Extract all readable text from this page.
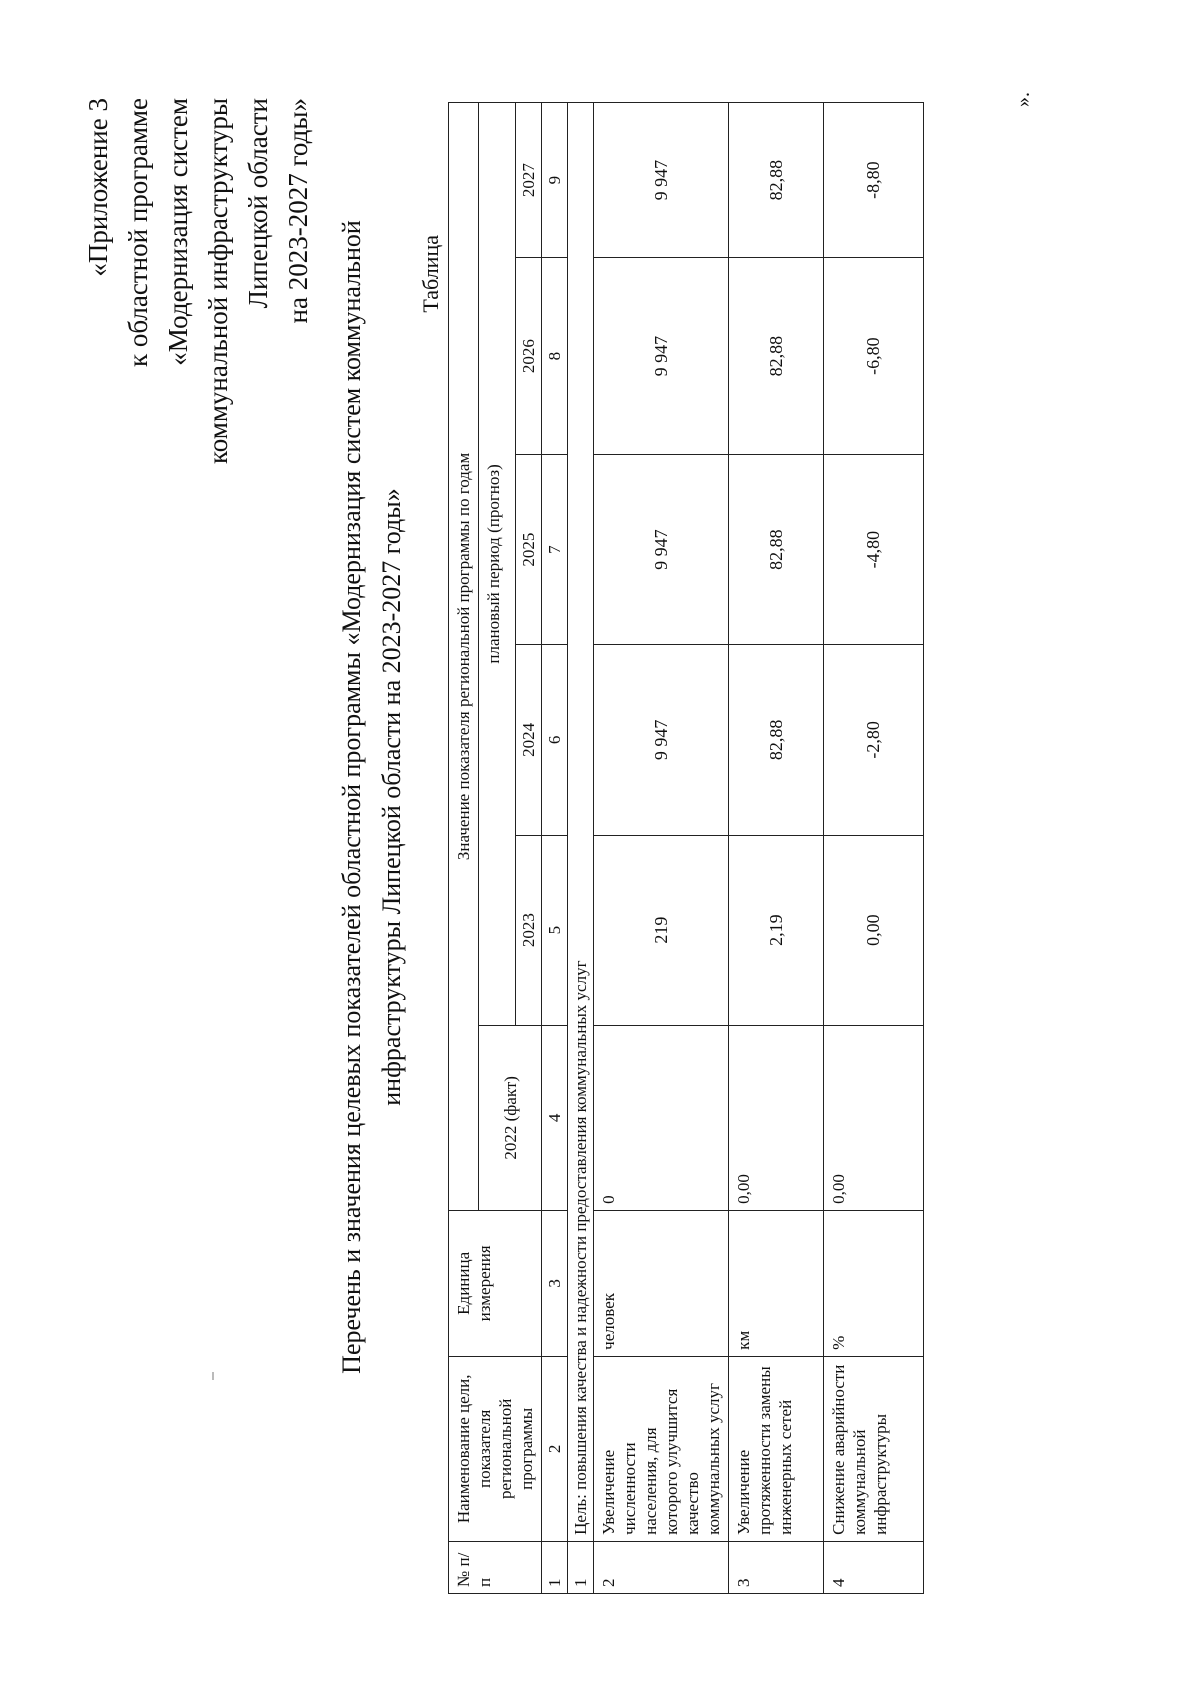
«Приложение 3 к областной программе «Модернизация систем коммунальной инфраструктуры Липецкой области на 2023-2027 годы»
Перечень и значения целевых показателей областной программы «Модернизация систем коммунальной инфраструктуры Липецкой области на 2023-2027 годы»
Таблица
№ п/п	Наименование цели, показателя региональной программы	Единица измерения	Значение показателя региональной программы по годам					
			2022 (факт)	плановый период (прогноз)				
				2023	2024	2025	2026	2027
1	2	3	4	5	6	7	8	9
1	Цель: повышения качества и надежности предоставления коммунальных услуг							
2	Увеличение численности населения, для которого улучшится качество коммунальных услуг	человек	0	219	9 947	9 947	9 947	9 947
3	Увеличение протяженности замены инженерных сетей	км	0,00	2,19	82,88	82,88	82,88	82,88
4	Снижение аварийности коммунальной инфраструктуры	%	0,00	0,00	-2,80	-4,80	-6,80	-8,80
».
